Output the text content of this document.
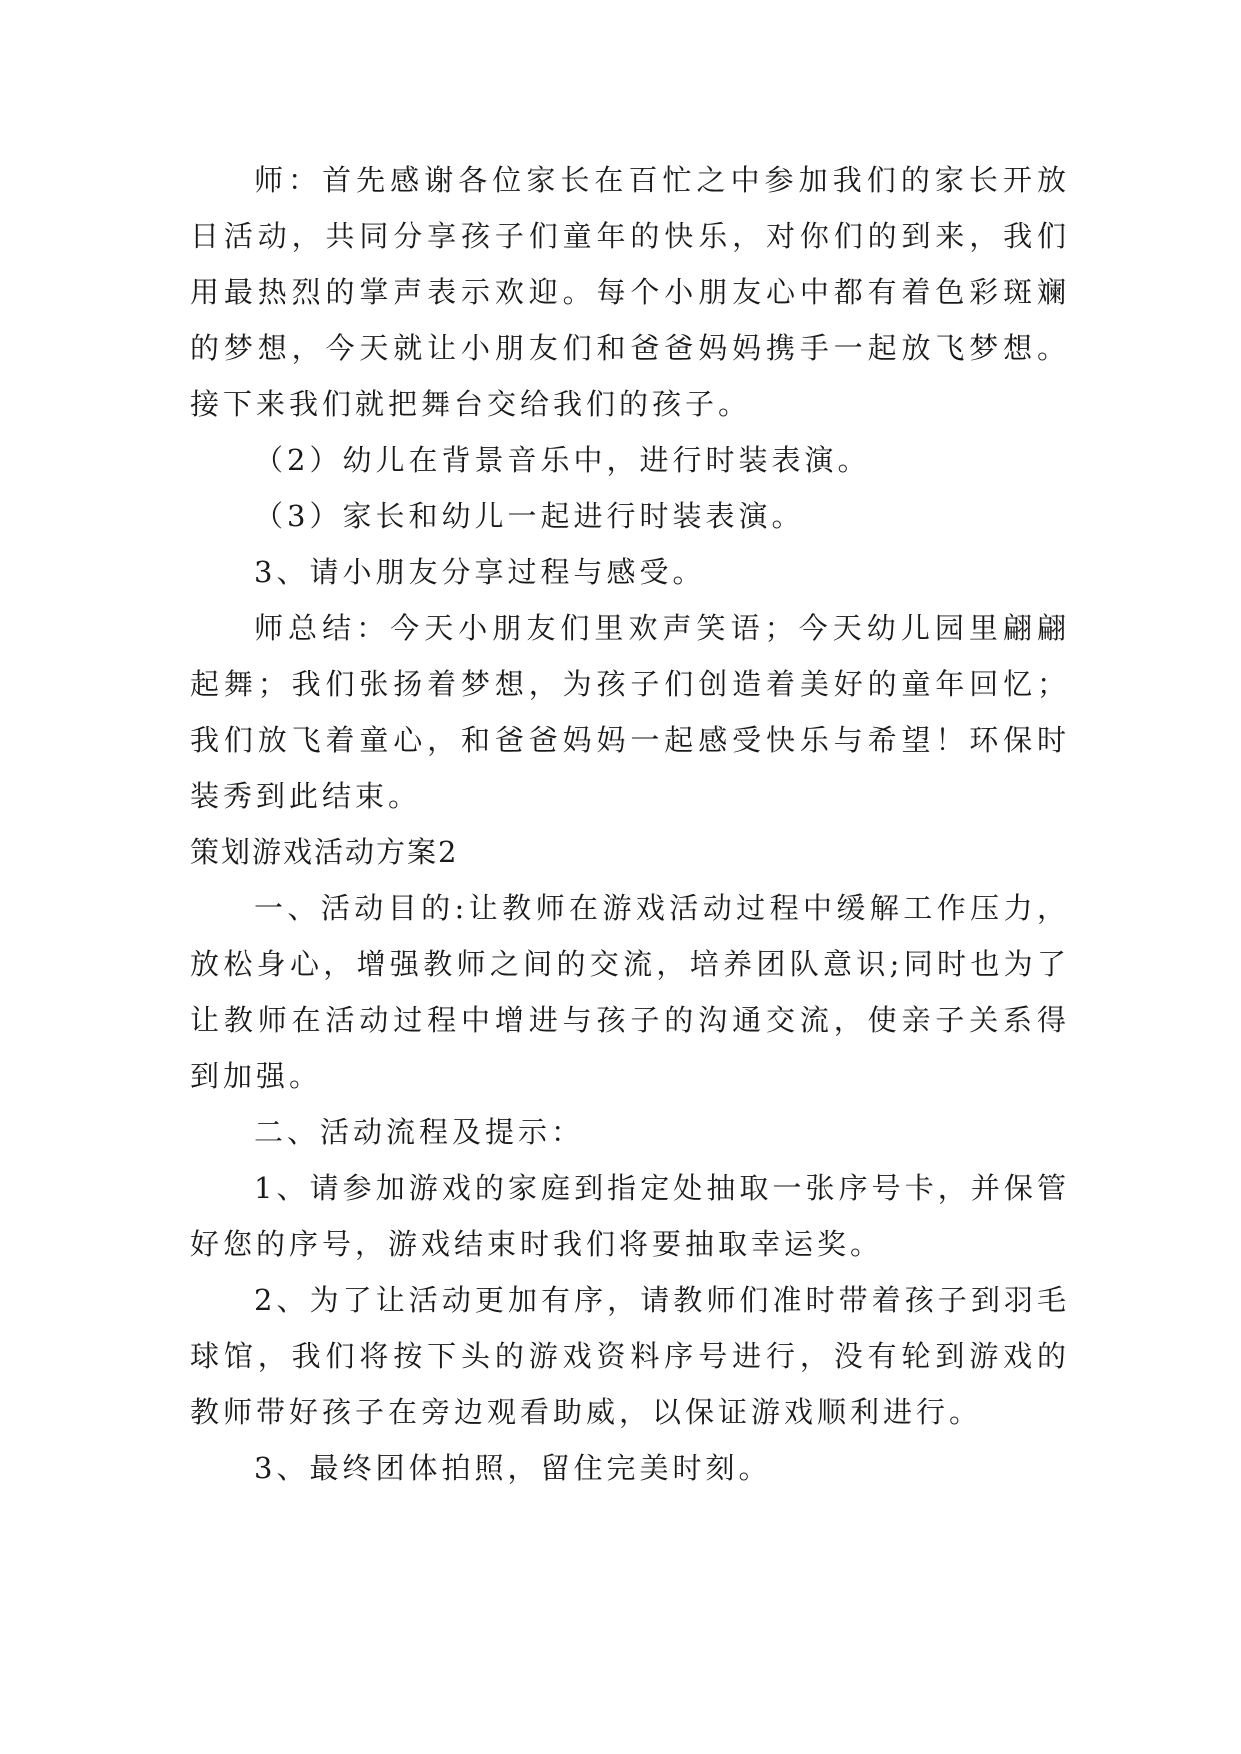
师：首先感谢各位家长在百忙之中参加我们的家长开放日活动，共同分享孩子们童年的快乐，对你们的到来，我们用最热烈的掌声表示欢迎。每个小朋友心中都有着色彩斑斓的梦想，今天就让小朋友们和爸爸妈妈携手一起放飞梦想。接下来我们就把舞台交给我们的孩子。

（2）幼儿在背景音乐中，进行时装表演。

（3）家长和幼儿一起进行时装表演。

3、请小朋友分享过程与感受。

师总结：今天小朋友们里欢声笑语；今天幼儿园里翩翩起舞；我们张扬着梦想，为孩子们创造着美好的童年回忆；我们放飞着童心，和爸爸妈妈一起感受快乐与希望！环保时装秀到此结束。

策划游戏活动方案2

一、活动目的:让教师在游戏活动过程中缓解工作压力，放松身心，增强教师之间的交流，培养团队意识;同时也为了让教师在活动过程中增进与孩子的沟通交流，使亲子关系得到加强。

二、活动流程及提示：

1、请参加游戏的家庭到指定处抽取一张序号卡，并保管好您的序号，游戏结束时我们将要抽取幸运奖。

2、为了让活动更加有序，请教师们准时带着孩子到羽毛球馆，我们将按下头的游戏资料序号进行，没有轮到游戏的教师带好孩子在旁边观看助威，以保证游戏顺利进行。

3、最终团体拍照，留住完美时刻。
